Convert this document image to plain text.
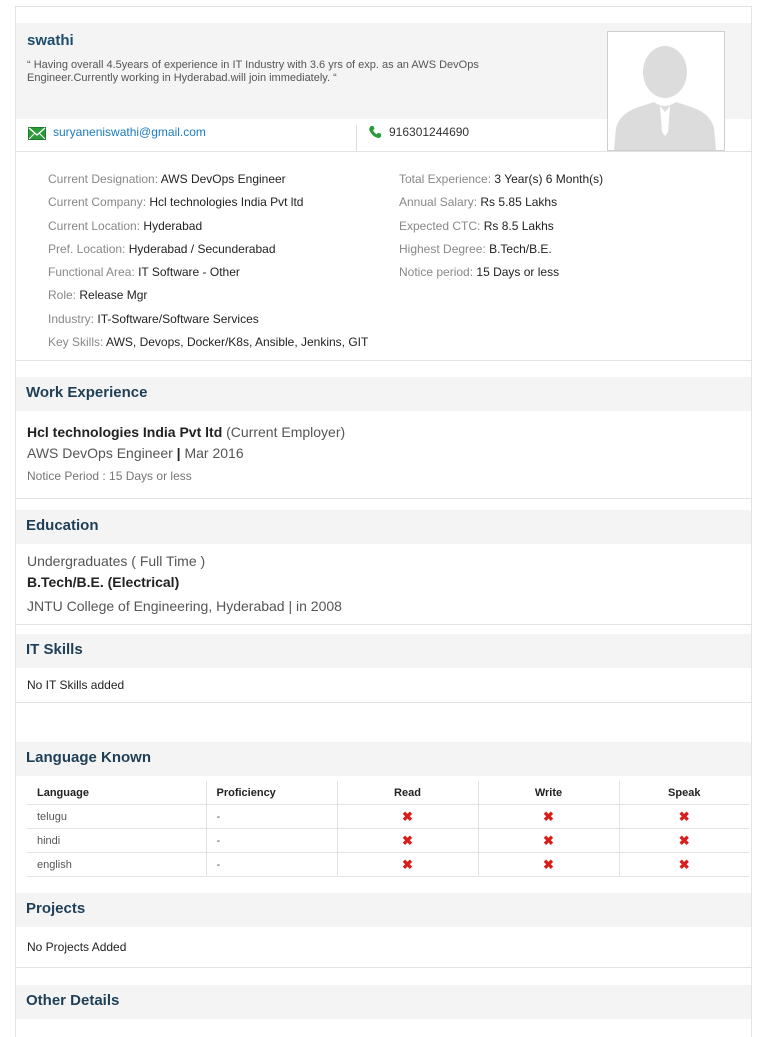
swathi
“ Having overall 4.5years of experience in IT Industry with 3.6 yrs of exp. as an AWS DevOps Engineer.Currently working in Hyderabad.will join immediately. “
suryaneniswathi@gmail.com	916301244690
Current Designation: AWS DevOps Engineer
Current Company: Hcl technologies India Pvt ltd
Current Location: Hyderabad
Pref. Location: Hyderabad / Secunderabad
Functional Area: IT Software - Other
Role: Release Mgr
Industry: IT-Software/Software Services
Key Skills: AWS, Devops, Docker/K8s, Ansible, Jenkins, GIT
Total Experience: 3 Year(s) 6 Month(s)
Annual Salary: Rs 5.85 Lakhs
Expected CTC: Rs 8.5 Lakhs
Highest Degree: B.Tech/B.E.
Notice period: 15 Days or less
Work Experience
Hcl technologies India Pvt ltd (Current Employer)
AWS DevOps Engineer | Mar 2016
Notice Period : 15 Days or less
Education
Undergraduates ( Full Time )
B.Tech/B.E. (Electrical)
JNTU College of Engineering, Hyderabad | in 2008
IT Skills
No IT Skills added
Language Known
Language	Proficiency	Read	Write	Speak
telugu	-	✖	✖	✖
hindi	-	✖	✖	✖
english	-	✖	✖	✖
Projects
No Projects Added
Other Details
